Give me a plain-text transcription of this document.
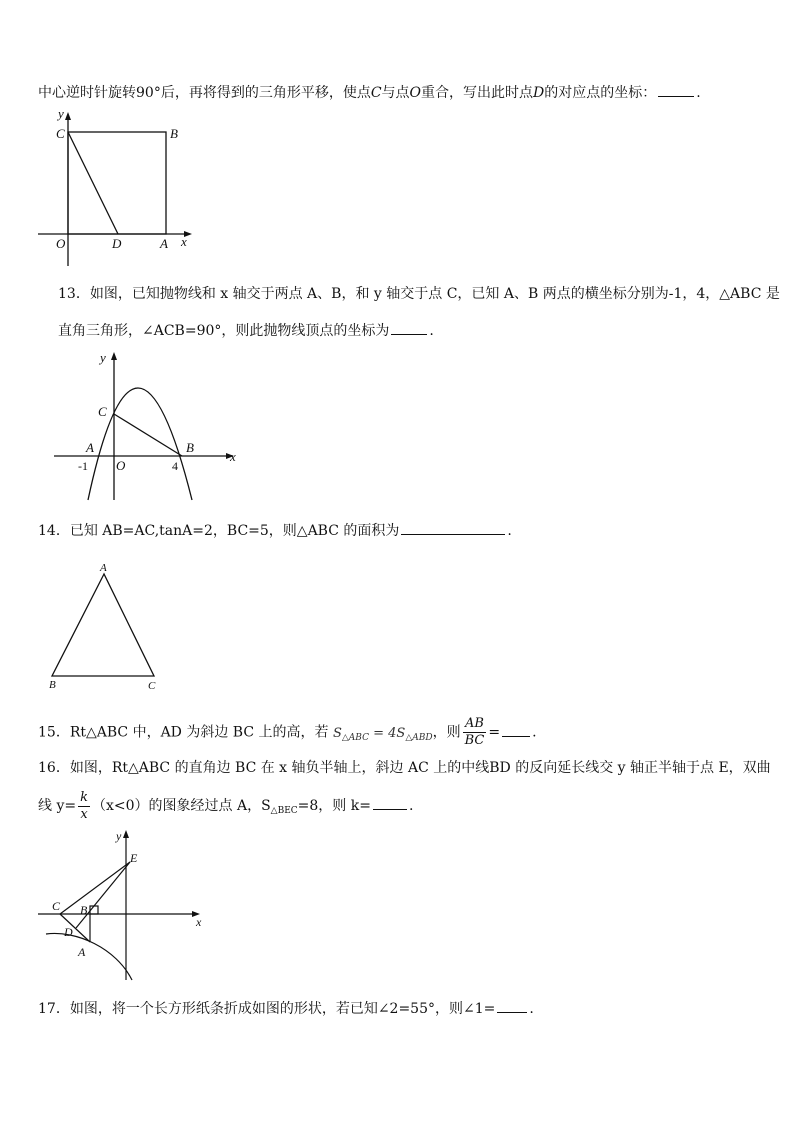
中心逆时针旋转90°后，再将得到的三角形平移，使点C与点O重合，写出此时点D的对应点的坐标：	.
y
C	B
O	D	A x
13．如图，已知抛物线和 x 轴交于两点 A、B，和 y 轴交于点 C，已知 A、B 两点的横坐标分别为-1，4，△ABC 是
直角三角形，∠ACB=90°，则此抛物线顶点的坐标为	.
y
C
A	B
O
x
-1	4
14．已知 AB=AC,tanA=2，BC=5，则△ABC 的面积为	.
A
B	C
15．Rt△ABC 中，AD 为斜边 BC 上的高，若 $S_{\triangle ABC} = 4S_{\triangle ABD}$，则 $\frac{AB}{BC}$ = .
16．如图，Rt△ABC 的直角边 BC 在 x 轴负半轴上，斜边 AC 上的中线BD 的反向延长线交 y 轴正半轴于点 E，双曲
线 $y= \frac{k}{x} (x<0)$的图象经过点 A，$S_{\triangle BEC}=8$，则 k=	.
y
E
C B
D
A
x
17．如图，将一个长方形纸条折成如图的形状，若已知∠2=55°，则∠1= .
